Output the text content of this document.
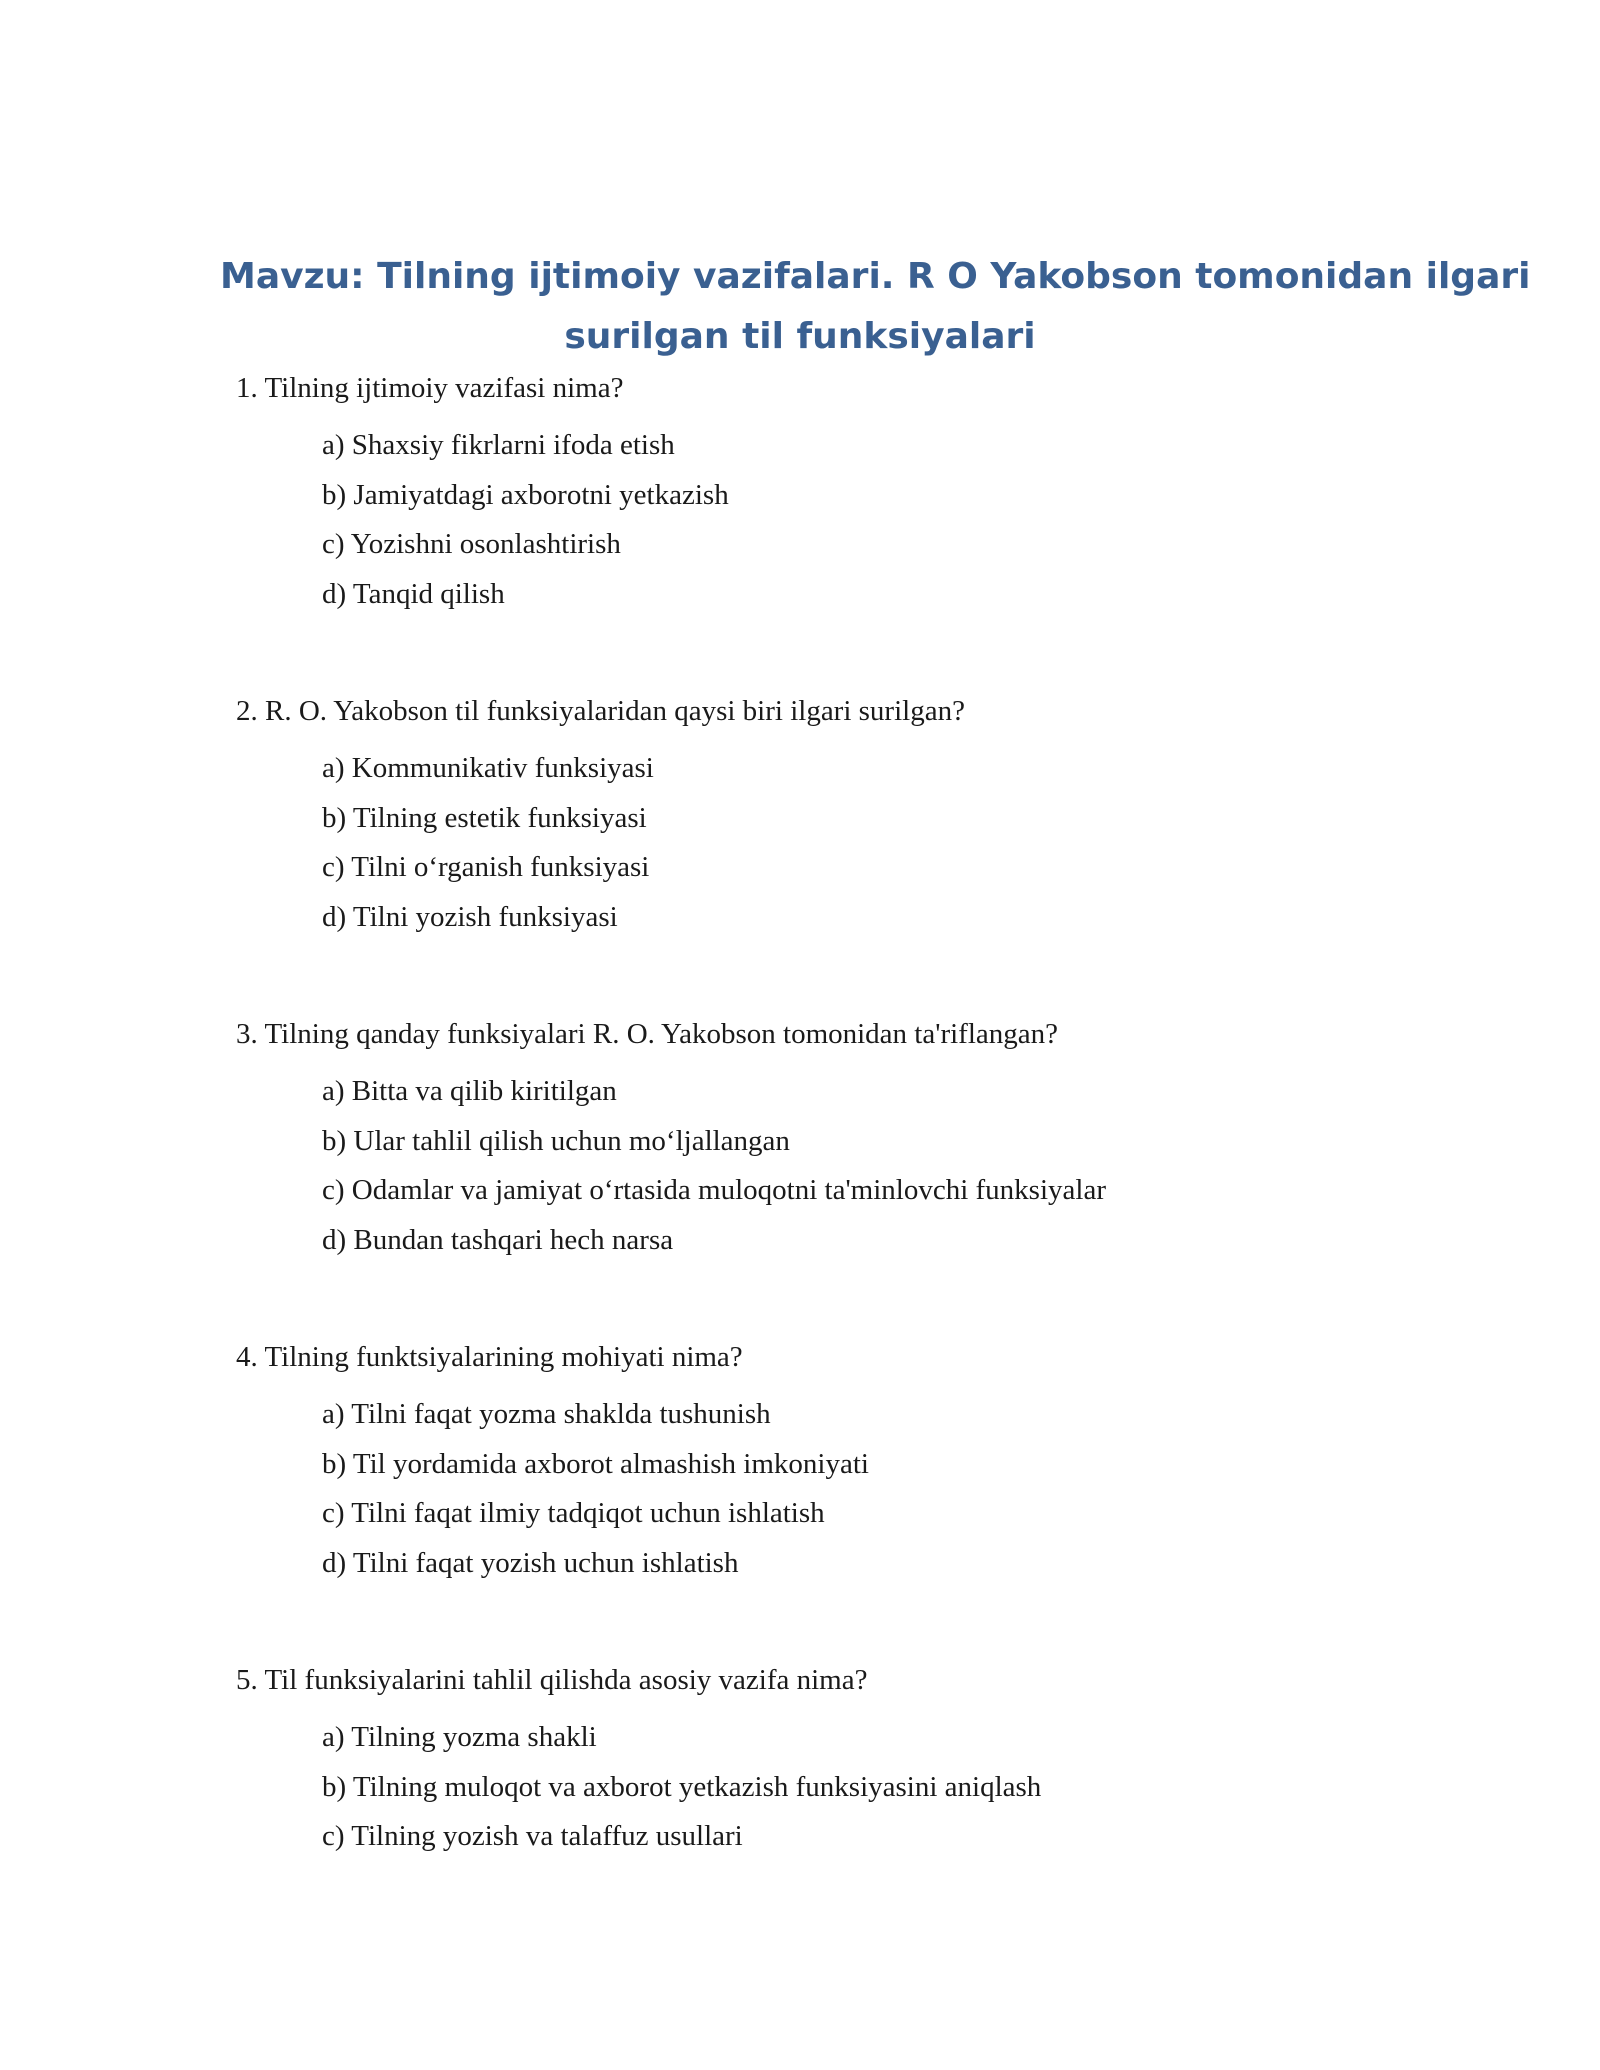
Mavzu: Tilning ijtimoiy vazifalari. R O Yakobson tomonidan ilgari
surilgan til funksiyalari
1. Tilning ijtimoiy vazifasi nima?
a) Shaxsiy fikrlarni ifoda etish
b) Jamiyatdagi axborotni yetkazish
c) Yozishni osonlashtirish
d) Tanqid qilish
2. R. O. Yakobson til funksiyalaridan qaysi biri ilgari surilgan?
a) Kommunikativ funksiyasi
b) Tilning estetik funksiyasi
c) Tilni o‘rganish funksiyasi
d) Tilni yozish funksiyasi
3. Tilning qanday funksiyalari R. O. Yakobson tomonidan ta'riflangan?
a) Bitta va qilib kiritilgan
b) Ular tahlil qilish uchun mo‘ljallangan
c) Odamlar va jamiyat o‘rtasida muloqotni ta'minlovchi funksiyalar
d) Bundan tashqari hech narsa
4. Tilning funktsiyalarining mohiyati nima?
a) Tilni faqat yozma shaklda tushunish
b) Til yordamida axborot almashish imkoniyati
c) Tilni faqat ilmiy tadqiqot uchun ishlatish
d) Tilni faqat yozish uchun ishlatish
5. Til funksiyalarini tahlil qilishda asosiy vazifa nima?
a) Tilning yozma shakli
b) Tilning muloqot va axborot yetkazish funksiyasini aniqlash
c) Tilning yozish va talaffuz usullari
